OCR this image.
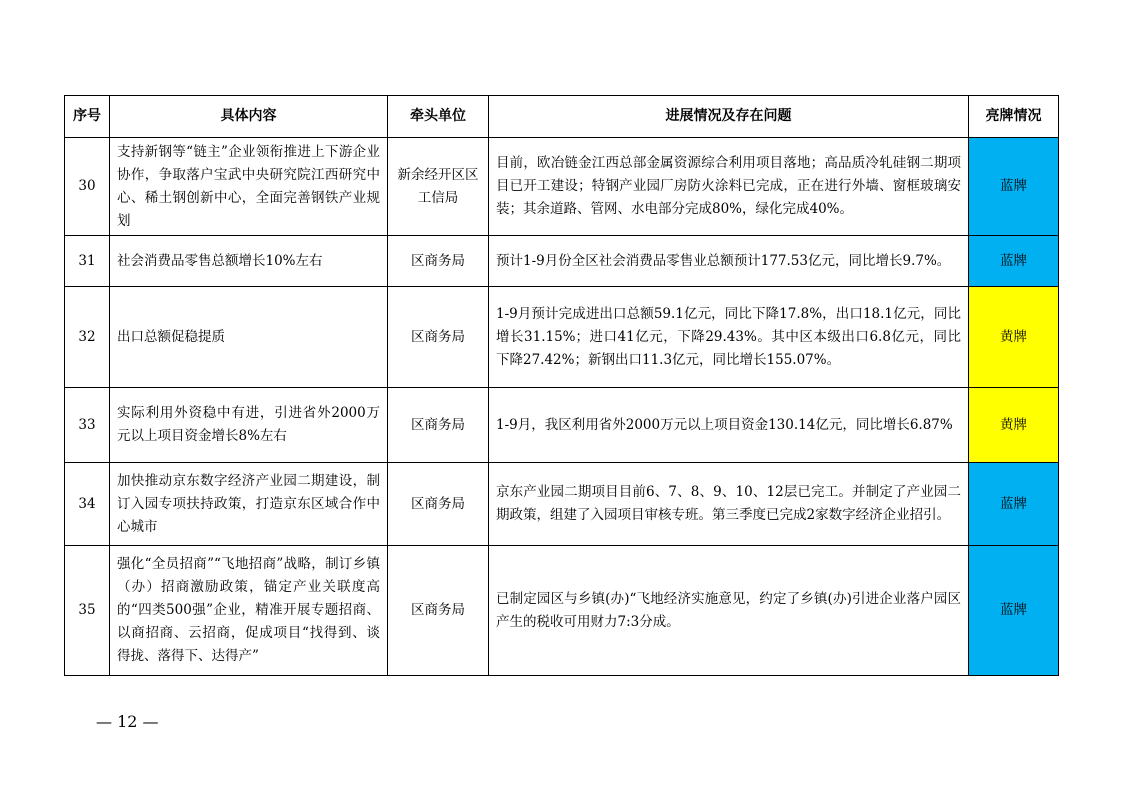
序号	具体内容	牵头单位	进展情况及存在问题	亮牌情况
30	支持新钢等“链主”企业领衔推进上下游企业协作，争取落户宝武中央研究院江西研究中心、稀土钢创新中心，全面完善钢铁产业规划	新余经开区区工信局	目前，欧冶链金江西总部金属资源综合利用项目落地；高品质冷轧硅钢二期项目已开工建设；特钢产业园厂房防火涂料已完成，正在进行外墙、窗框玻璃安装；其余道路、管网、水电部分完成80%，绿化完成40%。	蓝牌
31	社会消费品零售总额增长10%左右	区商务局	预计1-9月份全区社会消费品零售业总额预计177.53亿元，同比增长9.7%。	蓝牌
32	出口总额促稳提质	区商务局	1-9月预计完成进出口总额59.1亿元，同比下降17.8%，出口18.1亿元，同比增长31.15%；进口41亿元，下降29.43%。其中区本级出口6.8亿元，同比下降27.42%；新钢出口11.3亿元，同比增长155.07%。	黄牌
33	实际利用外资稳中有进，引进省外2000万元以上项目资金增长8%左右	区商务局	1-9月，我区利用省外2000万元以上项目资金130.14亿元，同比增长6.87%	黄牌
34	加快推动京东数字经济产业园二期建设，制订入园专项扶持政策，打造京东区域合作中心城市	区商务局	京东产业园二期项目目前6、7、8、9、10、12层已完工。并制定了产业园二期政策，组建了入园项目审核专班。第三季度已完成2家数字经济企业招引。	蓝牌
35	强化“全员招商”“飞地招商”战略，制订乡镇（办）招商激励政策，锚定产业关联度高的“四类500强”企业，精准开展专题招商、以商招商、云招商，促成项目“找得到、谈得拢、落得下、达得产”	区商务局	已制定园区与乡镇(办)“飞地经济实施意见，约定了乡镇(办)引进企业落户园区产生的税收可用财力7:3分成。	蓝牌
— 12 —
